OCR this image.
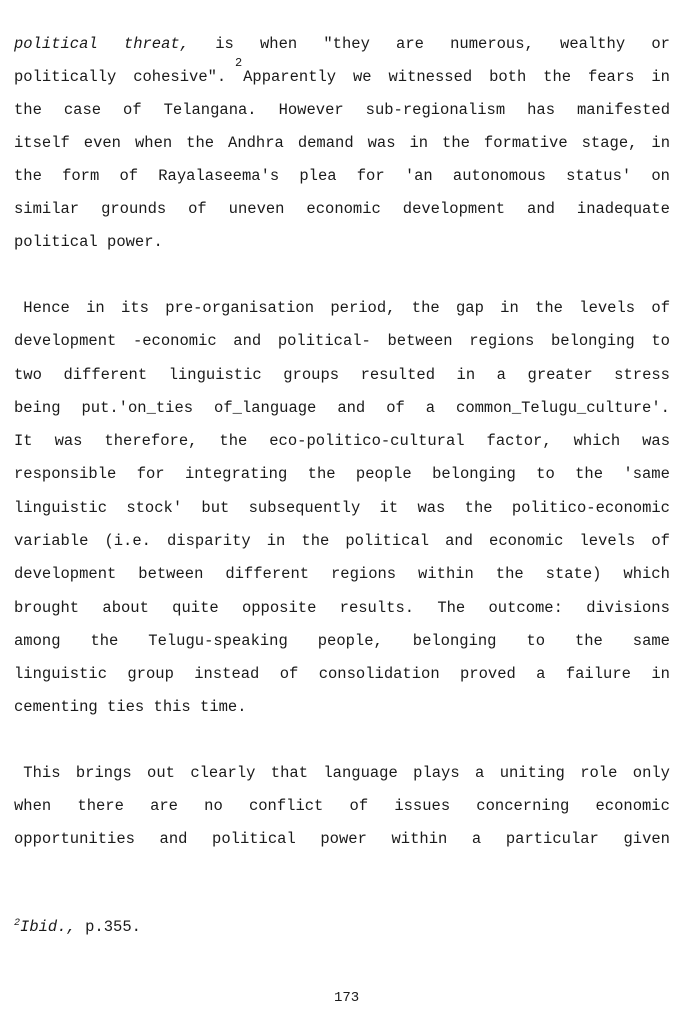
2
$^2$Ibid., p.355.
173
political threat, is when "they are numerous, wealthy or
politically cohesive". Apparently we witnessed both the fears in
the case of Telangana. However sub-regionalism has manifested
itself even when the Andhra demand was in the formative stage, in
the form of Rayalaseema's plea for 'an autonomous status' on
similar grounds of uneven economic development and inadequate
political power.
Hence in its pre-organisation period, the gap in the levels of
development -economic and political- between regions belonging to
two different linguistic groups resulted in a greater stress
being put.'on_ties of_language and of a common_Telugu_culture'.
It was therefore, the eco-politico-cultural factor, which was
responsible for integrating the people belonging to the 'same
linguistic stock' but subsequently it was the politico-economic
variable (i.e. disparity in the political and economic levels of
development between different regions within the state) which
brought about quite opposite results. The outcome: divisions
among the Telugu-speaking people, belonging to the same
linguistic group instead of consolidation proved a failure in
cementing ties this time.
This brings out clearly that language plays a uniting role only
when there are no conflict of issues concerning economic
opportunities and political power within a particular given
